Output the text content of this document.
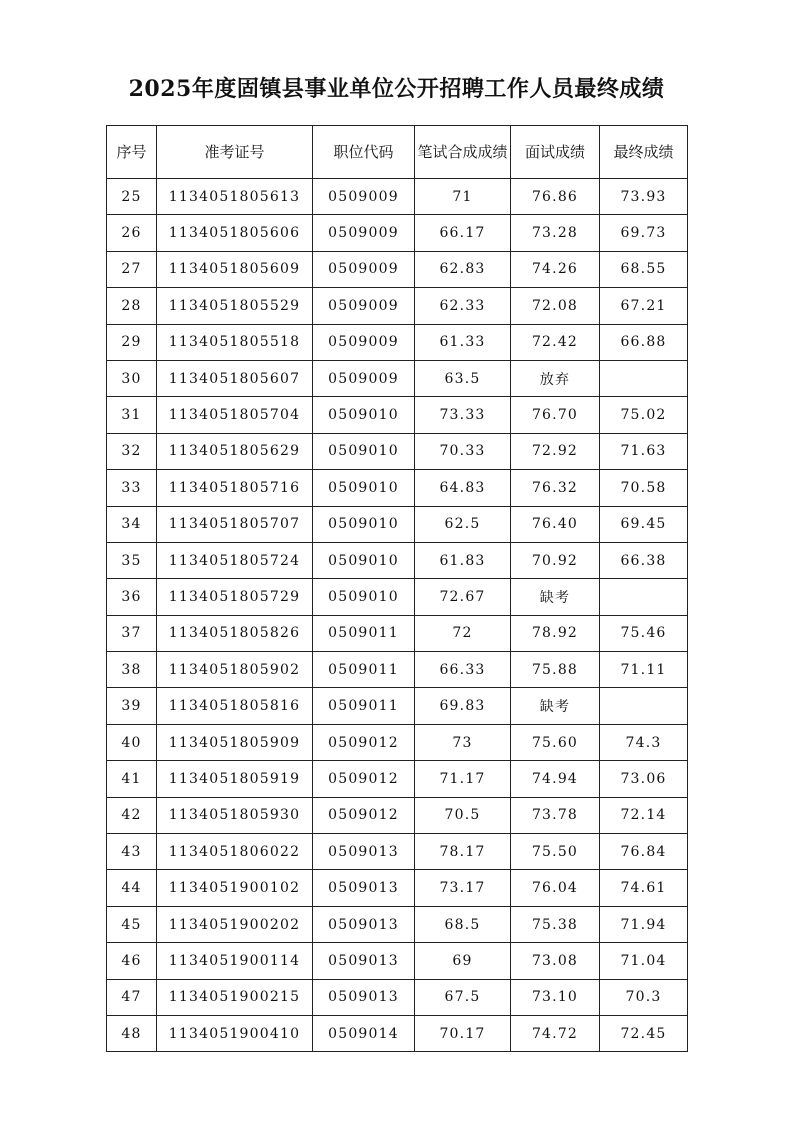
2025年度固镇县事业单位公开招聘工作人员最终成绩
序号	准考证号	职位代码	笔试合成成绩	面试成绩	最终成绩
25	1134051805613	0509009	71	76.86	73.93
26	1134051805606	0509009	66.17	73.28	69.73
27	1134051805609	0509009	62.83	74.26	68.55
28	1134051805529	0509009	62.33	72.08	67.21
29	1134051805518	0509009	61.33	72.42	66.88
30	1134051805607	0509009	63.5	放弃	
31	1134051805704	0509010	73.33	76.70	75.02
32	1134051805629	0509010	70.33	72.92	71.63
33	1134051805716	0509010	64.83	76.32	70.58
34	1134051805707	0509010	62.5	76.40	69.45
35	1134051805724	0509010	61.83	70.92	66.38
36	1134051805729	0509010	72.67	缺考	
37	1134051805826	0509011	72	78.92	75.46
38	1134051805902	0509011	66.33	75.88	71.11
39	1134051805816	0509011	69.83	缺考	
40	1134051805909	0509012	73	75.60	74.3
41	1134051805919	0509012	71.17	74.94	73.06
42	1134051805930	0509012	70.5	73.78	72.14
43	1134051806022	0509013	78.17	75.50	76.84
44	1134051900102	0509013	73.17	76.04	74.61
45	1134051900202	0509013	68.5	75.38	71.94
46	1134051900114	0509013	69	73.08	71.04
47	1134051900215	0509013	67.5	73.10	70.3
48	1134051900410	0509014	70.17	74.72	72.45
